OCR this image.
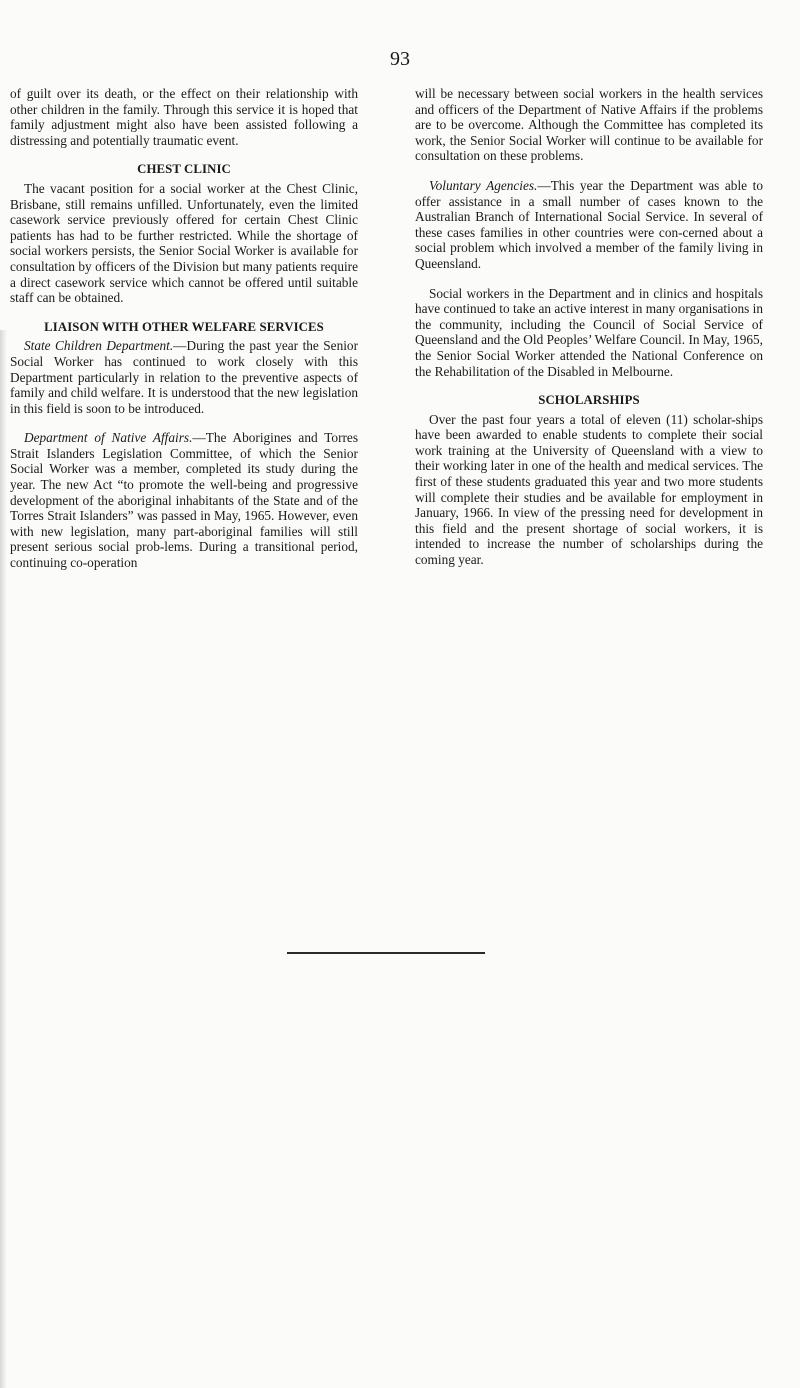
93

of guilt over its death, or the effect on their relationship with other children in the family. Through this service it is hoped that family adjustment might also have been assisted following a distressing and potentially traumatic event.

CHEST CLINIC

The vacant position for a social worker at the Chest Clinic, Brisbane, still remains unfilled. Unfortunately, even the limited casework service previously offered for certain Chest Clinic patients has had to be further restricted. While the shortage of social workers persists, the Senior Social Worker is available for consultation by officers of the Division but many patients require a direct casework service which cannot be offered until suitable staff can be obtained.

LIAISON WITH OTHER WELFARE SERVICES

State Children Department.—During the past year the Senior Social Worker has continued to work closely with this Department particularly in relation to the preventive aspects of family and child welfare. It is understood that the new legislation in this field is soon to be introduced.

Department of Native Affairs.—The Aborigines and Torres Strait Islanders Legislation Committee, of which the Senior Social Worker was a member, completed its study during the year. The new Act “to promote the well-being and progressive development of the aboriginal inhabitants of the State and of the Torres Strait Islanders” was passed in May, 1965. However, even with new legislation, many part-aboriginal families will still present serious social prob-lems. During a transitional period, continuing co-operation

will be necessary between social workers in the health services and officers of the Department of Native Affairs if the problems are to be overcome. Although the Committee has completed its work, the Senior Social Worker will continue to be available for consultation on these problems.

Voluntary Agencies.—This year the Department was able to offer assistance in a small number of cases known to the Australian Branch of International Social Service. In several of these cases families in other countries were con-cerned about a social problem which involved a member of the family living in Queensland.

Social workers in the Department and in clinics and hospitals have continued to take an active interest in many organisations in the community, including the Council of Social Service of Queensland and the Old Peoples’ Welfare Council. In May, 1965, the Senior Social Worker attended the National Conference on the Rehabilitation of the Disabled in Melbourne.

SCHOLARSHIPS

Over the past four years a total of eleven (11) scholar-ships have been awarded to enable students to complete their social work training at the University of Queensland with a view to their working later in one of the health and medical services. The first of these students graduated this year and two more students will complete their studies and be available for employment in January, 1966. In view of the pressing need for development in this field and the present shortage of social workers, it is intended to increase the number of scholarships during the coming year.
